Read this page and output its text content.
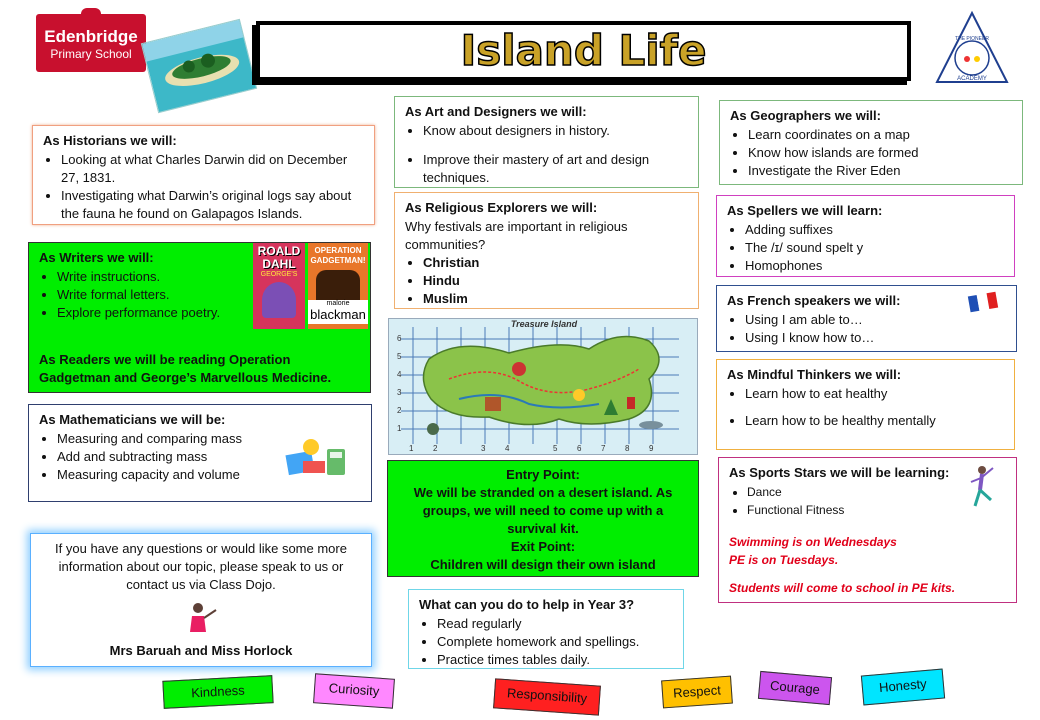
Edenbridge
Primary School	Island Life	THE PIONEER
ACADEMY
As Historians we will:
• Looking at what Charles Darwin did on December 27, 1831.
• Investigating what Darwin’s original logs say about the fauna he found on Galapagos Islands.
As Art and Designers we will:
• Know about designers in history.
• Improve their mastery of art and design techniques.
As Geographers we will:
• Learn coordinates on a map
• Know how islands are formed
• Investigate the River Eden
As Religious Explorers we will:
Why festivals are important in religious communities?
• Christian
• Hindu
• Muslim
As Spellers we will learn:
• Adding suffixes
• The /ɪ/ sound spelt y
• Homophones
As Writers we will:
• Write instructions.
• Write formal letters.
• Explore performance poetry.
As Readers we will be reading Operation Gadgetman and George’s Marvellous Medicine.
ROALD
DAHL
GEORGE'S
OPERATION
GADGETMAN!
malorie
blackman
As French speakers we will:
• Using I am able to…
• Using I know how to…
Treasure Island
1 2	3 4	5 6 7 8 9
1
2
3
4
5
6
As Mindful Thinkers we will:
• Learn how to eat healthy
• Learn how to be healthy mentally
As Mathematicians we will be:
• Measuring and comparing mass
• Add and subtracting mass
• Measuring capacity and volume	Entry Point:
We will be stranded on a desert island. As groups, we will need to come up with a survival kit.
Exit Point:
Children will design their own island
As Sports Stars we will be learning:
• Dance
• Functional Fitness
Swimming is on Wednesdays
PE is on Tuesdays.
Students will come to school in PE kits.
If you have any questions or would like some more information about our topic, please speak to us or contact us via Class Dojo.
Mrs Baruah and Miss Horlock
What can you do to help in Year 3?
• Read regularly
• Complete homework and spellings.
• Practice times tables daily.
Kindness	Curiosity	Responsibility	Respect	Courage	Honesty
